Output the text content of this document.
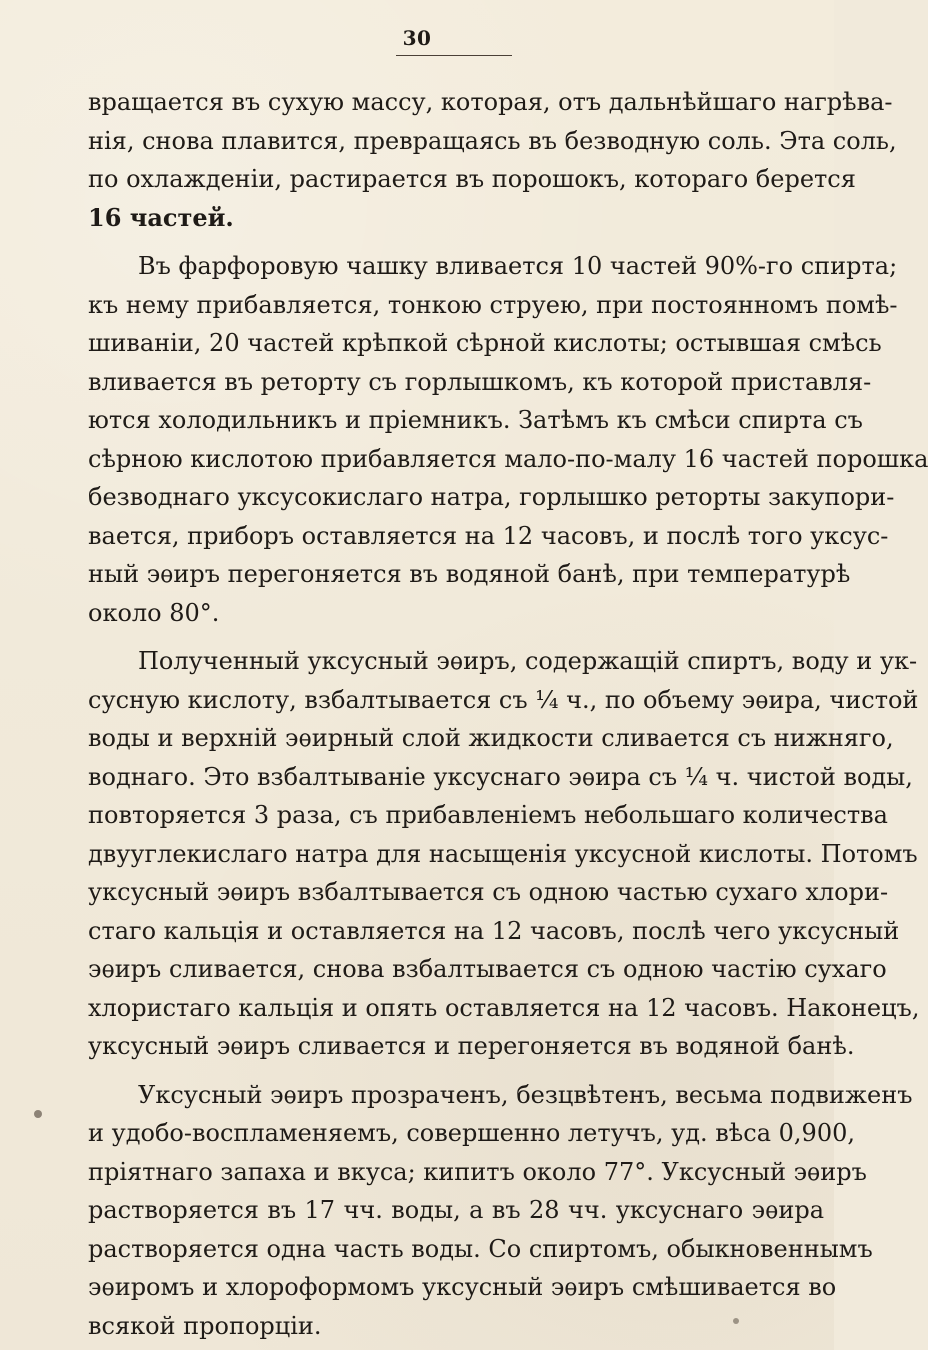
30
вращается въ сухую массу, которая, отъ дальнѣйшаго нагрѣва-
нія, снова плавится, превращаясь въ безводную соль. Эта соль,
по охлажденіи, растирается въ порошокъ, котораго берется
16 частей.
Въ фарфоровую чашку вливается 10 частей 90%-го спирта;
къ нему прибавляется, тонкою струею, при постоянномъ помѣ-
шиваніи, 20 частей крѣпкой сѣрной кислоты; остывшая смѣсь
вливается въ реторту съ горлышкомъ, къ которой приставля-
ются холодильникъ и пріемникъ. Затѣмъ къ смѣси спирта съ
сѣрною кислотою прибавляется мало-по-малу 16 частей порошка
безводнаго уксусокислаго натра, горлышко реторты закупори-
вается, приборъ оставляется на 12 часовъ, и послѣ того уксус-
ный эѳиръ перегоняется въ водяной банѣ, при температурѣ
около 80°.
Полученный уксусный эѳиръ, содержащій спиртъ, воду и ук-
сусную кислоту, взбалтывается съ ¼ ч., по объему эѳира, чистой
воды и верхній эѳирный слой жидкости сливается съ нижняго,
воднаго. Это взбалтываніе уксуснаго эѳира съ ¼ ч. чистой воды,
повторяется 3 раза, съ прибавленіемъ небольшаго количества
двууглекислаго натра для насыщенія уксусной кислоты. Потомъ
уксусный эѳиръ взбалтывается съ одною частью сухаго хлори-
стаго кальція и оставляется на 12 часовъ, послѣ чего уксусный
эѳиръ сливается, снова взбалтывается съ одною частію сухаго
хлористаго кальція и опять оставляется на 12 часовъ. Наконецъ,
уксусный эѳиръ сливается и перегоняется въ водяной банѣ.
Уксусный эѳиръ прозраченъ, безцвѣтенъ, весьма подвиженъ
и удобо-воспламеняемъ, совершенно летучъ, уд. вѣса 0,900,
пріятнаго запаха и вкуса; кипитъ около 77°. Уксусный эѳиръ
растворяется въ 17 чч. воды, а въ 28 чч. уксуснаго эѳира
растворяется одна часть воды. Со спиртомъ, обыкновеннымъ
эѳиромъ и хлороформомъ уксусный эѳиръ смѣшивается во
всякой пропорціи.
